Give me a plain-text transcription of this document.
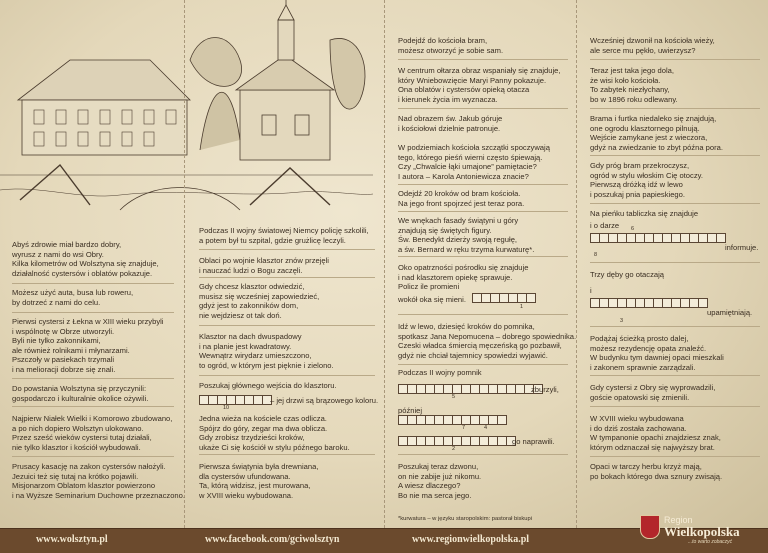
Abyś zdrowie miał bardzo dobry,
wyrusz z nami do wsi Obry.
Kilka kilometrów od Wolsztyna się znajduje,
działalność cystersów i oblatów pokazuje.
Możesz użyć auta, busa lub roweru,
by dotrzeć z nami do celu.
Pierwsi cystersi z Łekna w XIII wieku przybyli
i wspólnotę w Obrze utworzyli.
Byli nie tylko zakonnikami,
ale również rolnikami i młynarzami.
Pszczoły w pasiekach trzymali
i na melioracji dobrze się znali.
Do powstania Wolsztyna się przyczynili:
gospodarczo i kulturalnie okolice ożywili.
Najpierw Niałek Wielki i Komorowo zbudowano,
a po nich dopiero Wolsztyn ulokowano.
Przez sześć wieków cystersi tutaj działali,
nie tylko klasztor i kościół wybudowali.
Prusacy kasację na zakon cystersów nałożyli.
Jezuici też się tutaj na krótko pojawili.
Misjonarzom Oblatom klasztor powierzono
i na Wyższe Seminarium Duchowne przeznaczono.
Podczas II wojny światowej Niemcy policję szkolili,
a potem był tu szpital, gdzie grużlicę leczyli.
Oblaci po wojnie klasztor znów przejęli
i nauczać ludzi o Bogu zaczęli.
Gdy chcesz klasztor odwiedzić,
musisz się wcześniej zapowiedzieć,
gdyż jest to zakonników dom,
nie wejdziesz ot tak doń.
Klasztor na dach dwuspadowy
i na planie jest kwadratowy.
Wewnątrz wirydarz umieszczono,
to ogród, w którym jest pięknie i zielono.
Poszukaj głównego wejścia do klasztoru.
10
– jej drzwi są brązowego koloru.
Jedna wieża na kościele czas odlicza.
Spójrz do góry, zegar ma dwa oblicza.
Gdy zrobisz trzydzieści kroków,
ukaże Ci się kościół w stylu późnego baroku.
Pierwsza świątynia była drewniana,
dla cystersów ufundowana.
Ta, którą widzisz, jest murowana,
w XVIII wieku wybudowana.
Podejdź do kościoła bram,
możesz otworzyć je sobie sam.
W centrum ołtarza obraz wspaniały się znajduje,
który Wniebowzięcie Maryi Panny pokazuje.
Ona oblatów i cystersów opieką otacza
i kierunek życia im wyznacza.
Nad obrazem św. Jakub góruje
i kościołowi dzielnie patronuje.
W podziemiach kościoła szczątki spoczywają
tego, którego pieśń wierni często śpiewają.
Czy „Chwalcie łąki umajone” pamiętacie?
I autora – Karola Antoniewicza znacie?
Odejdź 20 kroków od bram kościoła.
Na jego front spojrzeć jest teraz pora.
We wnękach fasady świątyni u góry
znajdują się świętych figury.
Św. Benedykt dzierży swoją regułę,
a św. Bernard w ręku trzyma kurwaturę*.
Oko opatrzności pośrodku się znajduje
i nad klasztorem opiekę sprawuje.
Policz ile promieni
wokół oka się mieni.
1
Idź w lewo, dziesięć kroków do pomnika,
spotkasz Jana Nepomucena – dobrego spowiednika.
Czeski władca śmiercią męczeńską go pozbawił,
gdyż nie chciał tajemnicy spowiedzi wyjawić.
Podczas II wojny pomnik
5
zburzyli,
później
7	4
2
go naprawili.
Poszukaj teraz dzwonu,
on nie zabije już nikomu.
A wiesz dlaczego?
Bo nie ma serca jego.
*kurwatura – w języku staropolskim: pastorał biskupi
Wcześniej dzwonił na kościoła wieży,
ale serce mu pękło, uwierzysz?
Teraz jest taka jego dola,
że wisi koło kościoła.
To zabytek niezłychany,
bo w 1896 roku odlewany.
Brama i furtka niedaleko się znajdują,
one ogrodu klasztornego pilnują.
Wejście zamykane jest z wieczora,
gdyż na zwiedzanie to zbyt późna pora.
Gdy próg bram przekroczysz,
ogród w stylu włoskim Cię otoczy.
Pierwszą dróżką idź w lewo
i poszukaj pnia papieskiego.
Na pieńku tabliczka się znajduje
i o darze 6
8
informuje.
Trzy dęby go otaczają
i
3
upamiętniają.
Podążaj ścieżką prosto dalej,
możesz rezydencję opata znaleźć.
W budynku tym dawniej opaci mieszkali
i zakonem sprawnie zarządzali.
Gdy cystersi z Obry się wyprowadzili,
goście opatowski się zmienili.
W XVIII wieku wybudowana
i do dziś została zachowana.
W tympanonie opachi znajdziesz znak,
którym odznaczał się najwyższy brat.
Opaci w tarczy herbu krzyż mają,
po bokach którego dwa sznury zwisają.
www.wolsztyn.pl	www.facebook.com/gciwolsztyn	www.regionwielkopolska.pl
Region
Wielkopolska
...to warto zobaczyć
